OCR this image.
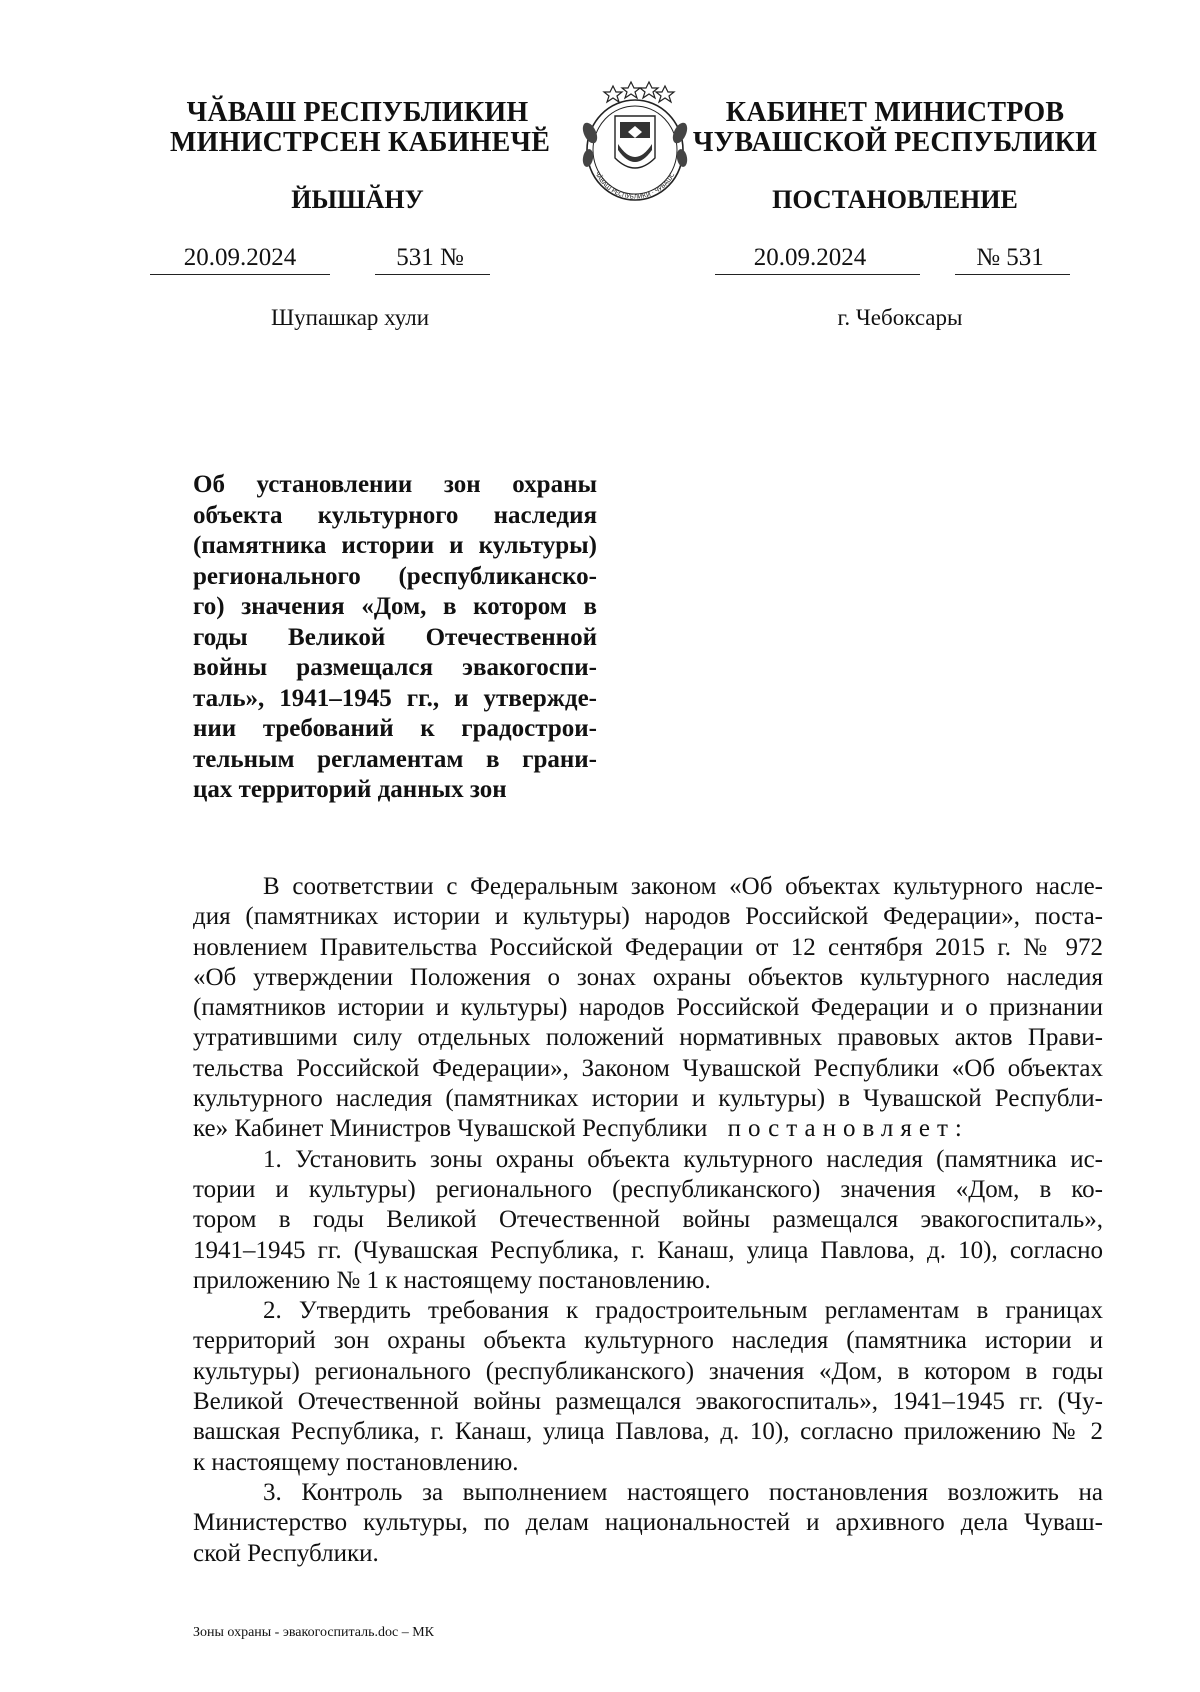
ЧӐВАШ РЕСПУБЛИКИН
МИНИСТРСЕН КАБИНЕЧӖ
ЙЫШӐНУ
20.09.2024	531 №
Шупашкар хули
ЧӐВАШ РЕСПУБЛИКИ · ЧУВАШС
КАБИНЕТ МИНИСТРОВ
ЧУВАШСКОЙ РЕСПУБЛИКИ
ПОСТАНОВЛЕНИЕ
20.09.2024	№ 531
г. Чебоксары
Об установлении зон охраны
объекта культурного наследия
(памятника истории и культуры)
регионального (республиканско-
го) значения «Дом, в котором в
годы Великой Отечественной
войны размещался эвакогоспи-
таль», 1941–1945 гг., и утвержде-
нии требований к градострои-
тельным регламентам в грани-
цах территорий данных зон
В соответствии с Федеральным законом «Об объектах культурного насле-
дия (памятниках истории и культуры) народов Российской Федерации», поста-
новлением Правительства Российской Федерации от 12 сентября 2015 г. № 972
«Об утверждении Положения о зонах охраны объектов культурного наследия
(памятников истории и культуры) народов Российской Федерации и о признании
утратившими силу отдельных положений нормативных правовых актов Прави-
тельства Российской Федерации», Законом Чувашской Республики «Об объектах
культурного наследия (памятниках истории и культуры) в Чувашской Республи-
ке» Кабинет Министров Чувашской Республики постановляет:
1. Установить зоны охраны объекта культурного наследия (памятника ис-
тории и культуры) регионального (республиканского) значения «Дом, в ко-
тором в годы Великой Отечественной войны размещался эвакогоспиталь»,
1941–1945 гг. (Чувашская Республика, г. Канаш, улица Павлова, д. 10), согласно
приложению № 1 к настоящему постановлению.
2. Утвердить требования к градостроительным регламентам в границах
территорий зон охраны объекта культурного наследия (памятника истории и
культуры) регионального (республиканского) значения «Дом, в котором в годы
Великой Отечественной войны размещался эвакогоспиталь», 1941–1945 гг. (Чу-
вашская Республика, г. Канаш, улица Павлова, д. 10), согласно приложению № 2
к настоящему постановлению.
3. Контроль за выполнением настоящего постановления возложить на
Министерство культуры, по делам национальностей и архивного дела Чуваш-
ской Республики.
Зоны охраны - эвакогоспиталь.doc – МК
